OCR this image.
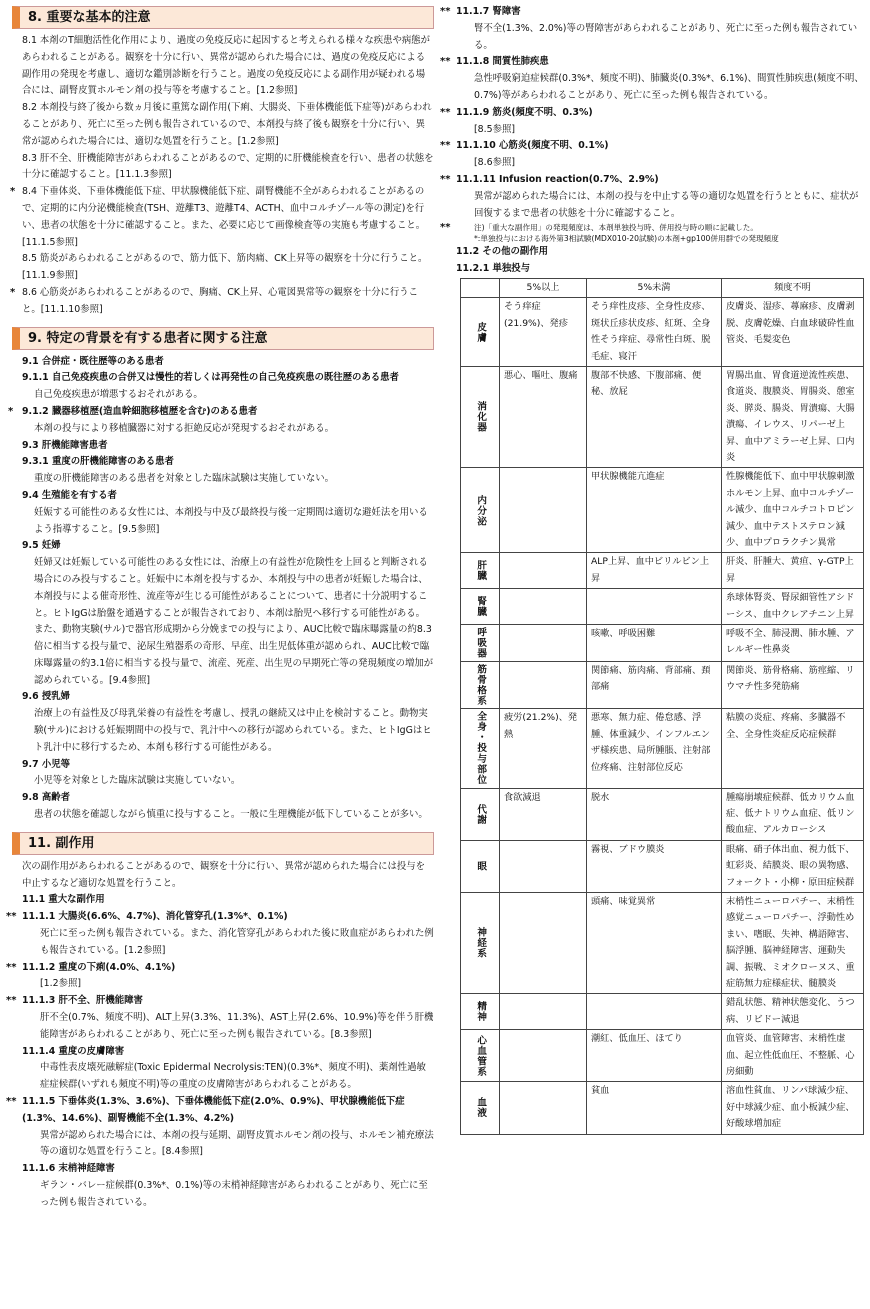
8. 重要な基本的注意
8.1 本剤のT細胞活性化作用により、過度の免疫反応に起因すると考えられる様々な疾患や病態があらわれることがある。観察を十分に行い、異常が認められた場合には、過度の免疫反応による副作用の発現を考慮し、適切な鑑別診断を行うこと。過度の免疫反応による副作用が疑われる場合には、副腎皮質ホルモン剤の投与等を考慮すること。[1.2参照]
8.2 本剤投与終了後から数ヵ月後に重篤な副作用(下痢、大腸炎、下垂体機能低下症等)があらわれることがあり、死亡に至った例も報告されているので、本剤投与終了後も観察を十分に行い、異常が認められた場合には、適切な処置を行うこと。[1.2参照]
8.3 肝不全、肝機能障害があらわれることがあるので、定期的に肝機能検査を行い、患者の状態を十分に確認すること。[11.1.3参照]
* 8.4 下垂体炎、下垂体機能低下症、甲状腺機能低下症、副腎機能不全があらわれることがあるので、定期的に内分泌機能検査(TSH、遊離T3、遊離T4、ACTH、血中コルチゾール等の測定)を行い、患者の状態を十分に確認すること。また、必要に応じて画像検査等の実施も考慮すること。[11.1.5参照]
8.5 筋炎があらわれることがあるので、筋力低下、筋肉痛、CK上昇等の観察を十分に行うこと。[11.1.9参照]
* 8.6 心筋炎があらわれることがあるので、胸痛、CK上昇、心電図異常等の観察を十分に行うこと。[11.1.10参照]
9. 特定の背景を有する患者に関する注意
9.1 合併症・既往歴等のある患者
9.1.1 自己免疫疾患の合併又は慢性的若しくは再発性の自己免疫疾患の既往歴のある患者
自己免疫疾患が増悪するおそれがある。
* 9.1.2 臓器移植歴(造血幹細胞移植歴を含む)のある患者
本剤の投与により移植臓器に対する拒絶反応が発現するおそれがある。
9.3 肝機能障害患者
9.3.1 重度の肝機能障害のある患者
重度の肝機能障害のある患者を対象とした臨床試験は実施していない。
9.4 生殖能を有する者
妊娠する可能性のある女性には、本剤投与中及び最終投与後一定期間は適切な避妊法を用いるよう指導すること。[9.5参照]
9.5 妊婦
妊婦又は妊娠している可能性のある女性には、治療上の有益性が危険性を上回ると判断される場合にのみ投与すること。妊娠中に本剤を投与するか、本剤投与中の患者が妊娠した場合は、本剤投与による催奇形性、流産等が生じる可能性があることについて、患者に十分説明すること。ヒトIgGは胎盤を通過することが報告されており、本剤は胎児へ移行する可能性がある。また、動物実験(サル)で器官形成期から分娩までの投与により、AUC比較で臨床曝露量の約8.3倍に相当する投与量で、泌尿生殖器系の奇形、早産、出生児低体重が認められ、AUC比較で臨床曝露量の約3.1倍に相当する投与量で、流産、死産、出生児の早期死亡等の発現頻度の増加が認められている。[9.4参照]
9.6 授乳婦
治療上の有益性及び母乳栄養の有益性を考慮し、授乳の継続又は中止を検討すること。動物実験(サル)における妊娠期間中の投与で、乳汁中への移行が認められている。また、ヒトIgGはヒト乳汁中に移行するため、本剤も移行する可能性がある。
9.7 小児等
小児等を対象とした臨床試験は実施していない。
9.8 高齢者
患者の状態を確認しながら慎重に投与すること。一般に生理機能が低下していることが多い。
11. 副作用
次の副作用があらわれることがあるので、観察を十分に行い、異常が認められた場合には投与を中止するなど適切な処置を行うこと。
11.1 重大な副作用
** 11.1.1 大腸炎(6.6%、4.7%)、消化管穿孔(1.3%*、0.1%)
死亡に至った例も報告されている。また、消化管穿孔があらわれた後に敗血症があらわれた例も報告されている。[1.2参照]
** 11.1.2 重度の下痢(4.0%、4.1%)
[1.2参照]
** 11.1.3 肝不全、肝機能障害
肝不全(0.7%、頻度不明)、ALT上昇(3.3%、11.3%)、AST上昇(2.6%、10.9%)等を伴う肝機能障害があらわれることがあり、死亡に至った例も報告されている。[8.3参照]
11.1.4 重度の皮膚障害
中毒性表皮壊死融解症(Toxic Epidermal Necrolysis:TEN)(0.3%*、頻度不明)、薬剤性過敏症症候群(いずれも頻度不明)等の重度の皮膚障害があらわれることがある。
** 11.1.5 下垂体炎(1.3%、3.6%)、下垂体機能低下症(2.0%、0.9%)、甲状腺機能低下症(1.3%、14.6%)、副腎機能不全(1.3%、4.2%)
異常が認められた場合には、本剤の投与延期、副腎皮質ホルモン剤の投与、ホルモン補充療法等の適切な処置を行うこと。[8.4参照]
11.1.6 末梢神経障害
ギラン・バレー症候群(0.3%*、0.1%)等の末梢神経障害があらわれることがあり、死亡に至った例も報告されている。
** 11.1.7 腎障害
腎不全(1.3%、2.0%)等の腎障害があらわれることがあり、死亡に至った例も報告されている。
** 11.1.8 間質性肺疾患
急性呼吸窮迫症候群(0.3%*、頻度不明)、肺臓炎(0.3%*、6.1%)、間質性肺疾患(頻度不明、0.7%)等があらわれることがあり、死亡に至った例も報告されている。
** 11.1.9 筋炎(頻度不明、0.3%)
[8.5参照]
** 11.1.10 心筋炎(頻度不明、0.1%)
[8.6参照]
** 11.1.11 Infusion reaction(0.7%、2.9%)
異常が認められた場合には、本剤の投与を中止する等の適切な処置を行うとともに、症状が回復するまで患者の状態を十分に確認すること。
**	注)「重大な副作用」の発現頻度は、本剤単独投与時、併用投与時の順に記載した。
*:単独投与における海外第3相試験(MDX010-20試験)の本剤+gp100併用群での発現頻度
11.2 その他の副作用
11.2.1 単独投与
	5%以上	5%未満	頻度不明
皮膚	そう痒症(21.9%)、発疹	そう痒性皮疹、全身性皮疹、斑状丘疹状皮疹、紅斑、全身性そう痒症、尋常性白斑、脱毛症、寝汗	皮膚炎、湿疹、蕁麻疹、皮膚剥脱、皮膚乾燥、白血球破砕性血管炎、毛髪変色
消化器	悪心、嘔吐、腹痛	腹部不快感、下腹部痛、便秘、放屁	胃腸出血、胃食道逆流性疾患、食道炎、腹膜炎、胃腸炎、憩室炎、膵炎、腸炎、胃潰瘍、大腸潰瘍、イレウス、リパーゼ上昇、血中アミラーゼ上昇、口内炎
内分泌		甲状腺機能亢進症	性腺機能低下、血中甲状腺刺激ホルモン上昇、血中コルチゾール減少、血中コルチコトロピン減少、血中テストステロン減少、血中プロラクチン異常
肝臓		ALP上昇、血中ビリルビン上昇	肝炎、肝腫大、黄疸、γ-GTP上昇
腎臓			糸球体腎炎、腎尿細管性アシドーシス、血中クレアチニン上昇
呼吸器		咳嗽、呼吸困難	呼吸不全、肺浸潤、肺水腫、アレルギー性鼻炎
筋骨格系		関節痛、筋肉痛、背部痛、頚部痛	関節炎、筋骨格痛、筋痙縮、リウマチ性多発筋痛
全身・投与部位	疲労(21.2%)、発熱	悪寒、無力症、倦怠感、浮腫、体重減少、インフルエンザ様疾患、局所腫脹、注射部位疼痛、注射部位反応	粘膜の炎症、疼痛、多臓器不全、全身性炎症反応症候群
代謝	食欲減退	脱水	腫瘍崩壊症候群、低カリウム血症、低ナトリウム血症、低リン酸血症、アルカローシス
眼		霧視、ブドウ膜炎	眼痛、硝子体出血、視力低下、虹彩炎、結膜炎、眼の異物感、フォークト・小柳・原田症候群
神経系		頭痛、味覚異常	末梢性ニューロパチー、末梢性感覚ニューロパチー、浮動性めまい、嗜眠、失神、構語障害、脳浮腫、脳神経障害、運動失調、振戦、ミオクローヌス、重症筋無力症様症状、髄膜炎
精神			錯乱状態、精神状態変化、うつ病、リビドー減退
心血管系		潮紅、低血圧、ほてり	血管炎、血管障害、末梢性虚血、起立性低血圧、不整脈、心房細動
血液		貧血	溶血性貧血、リンパ球減少症、好中球減少症、血小板減少症、好酸球増加症
